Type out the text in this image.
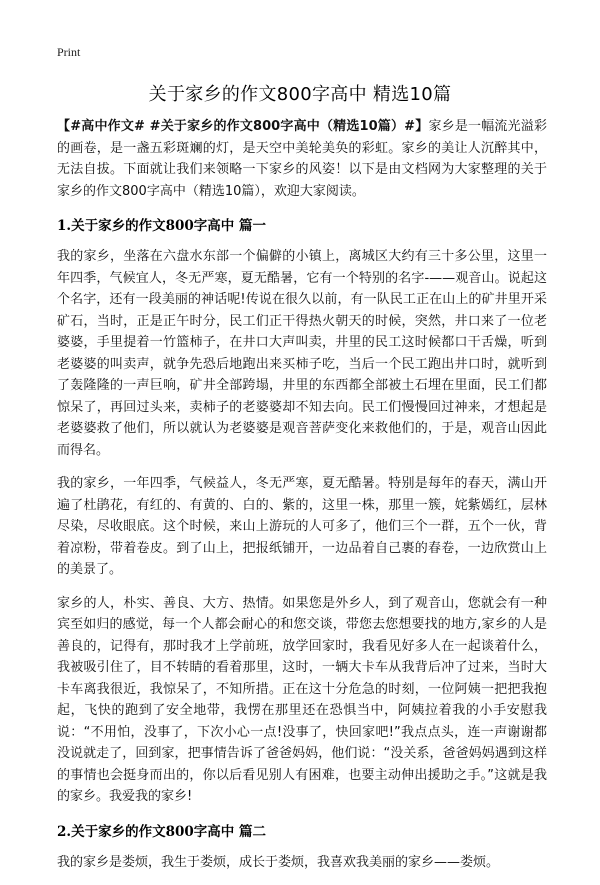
Print
关于家乡的作文800字高中 精选10篇

【#高中作文# #关于家乡的作文800字高中（精选10篇）#】家乡是一幅流光溢彩的画卷，是一盏五彩斑斓的灯，是天空中美轮美奂的彩虹。家乡的美让人沉醉其中，无法自拔。下面就让我们来领略一下家乡的风姿！以下是由文档网为大家整理的关于家乡的作文800字高中（精选10篇），欢迎大家阅读。

1.关于家乡的作文800字高中 篇一

我的家乡，坐落在六盘水东部一个偏僻的小镇上，离城区大约有三十多公里，这里一年四季，气候宜人，冬无严寒，夏无酷暑，它有一个特别的名字-——观音山。说起这个名字，还有一段美丽的神话呢!传说在很久以前，有一队民工正在山上的矿井里开采矿石，当时，正是正午时分，民工们正干得热火朝天的时候，突然，井口来了一位老婆婆，手里提着一竹篮柿子，在井口大声叫卖，井里的民工这时候都口干舌燥，听到老婆婆的叫卖声，就争先恐后地跑出来买柿子吃，当后一个民工跑出井口时，就听到了轰隆隆的一声巨响，矿井全部跨塌，井里的东西都全部被土石埋在里面，民工们都惊呆了，再回过头来，卖柿子的老婆婆却不知去向。民工们慢慢回过神来，才想起是老婆婆救了他们，所以就认为老婆婆是观音菩萨变化来救他们的，于是，观音山因此而得名。

我的家乡，一年四季，气候益人，冬无严寒，夏无酷暑。特别是每年的春天，满山开遍了杜鹃花，有红的、有黄的、白的、紫的，这里一株，那里一簇，姹紫嫣红，层林尽染，尽收眼底。这个时候，来山上游玩的人可多了，他们三个一群，五个一伙，背着凉粉，带着卷皮。到了山上，把报纸铺开，一边品着自己裹的春卷，一边欣赏山上的美景了。

家乡的人，朴实、善良、大方、热情。如果您是外乡人，到了观音山，您就会有一种宾至如归的感觉，每一个人都会耐心的和您交谈，带您去您想要找的地方,家乡的人是善良的，记得有，那时我才上学前班，放学回家时，我看见好多人在一起谈着什么，我被吸引住了，目不转睛的看着那里，这时，一辆大卡车从我背后冲了过来，当时大卡车离我很近，我惊呆了，不知所措。正在这十分危急的时刻，一位阿姨一把把我抱起，飞快的跑到了安全地带，我愣在那里还在恐惧当中，阿姨拉着我的小手安慰我说：“不用怕，没事了，下次小心一点!没事了，快回家吧!”我点点头，连一声谢谢都没说就走了，回到家，把事情告诉了爸爸妈妈，他们说：“没关系，爸爸妈妈遇到这样的事情也会挺身而出的，你以后看见别人有困难，也要主动伸出援助之手。”这就是我的家乡。我爱我的家乡!

2.关于家乡的作文800字高中 篇二

我的家乡是娄烦，我生于娄烦，成长于娄烦，我喜欢我美丽的家乡——娄烦。
